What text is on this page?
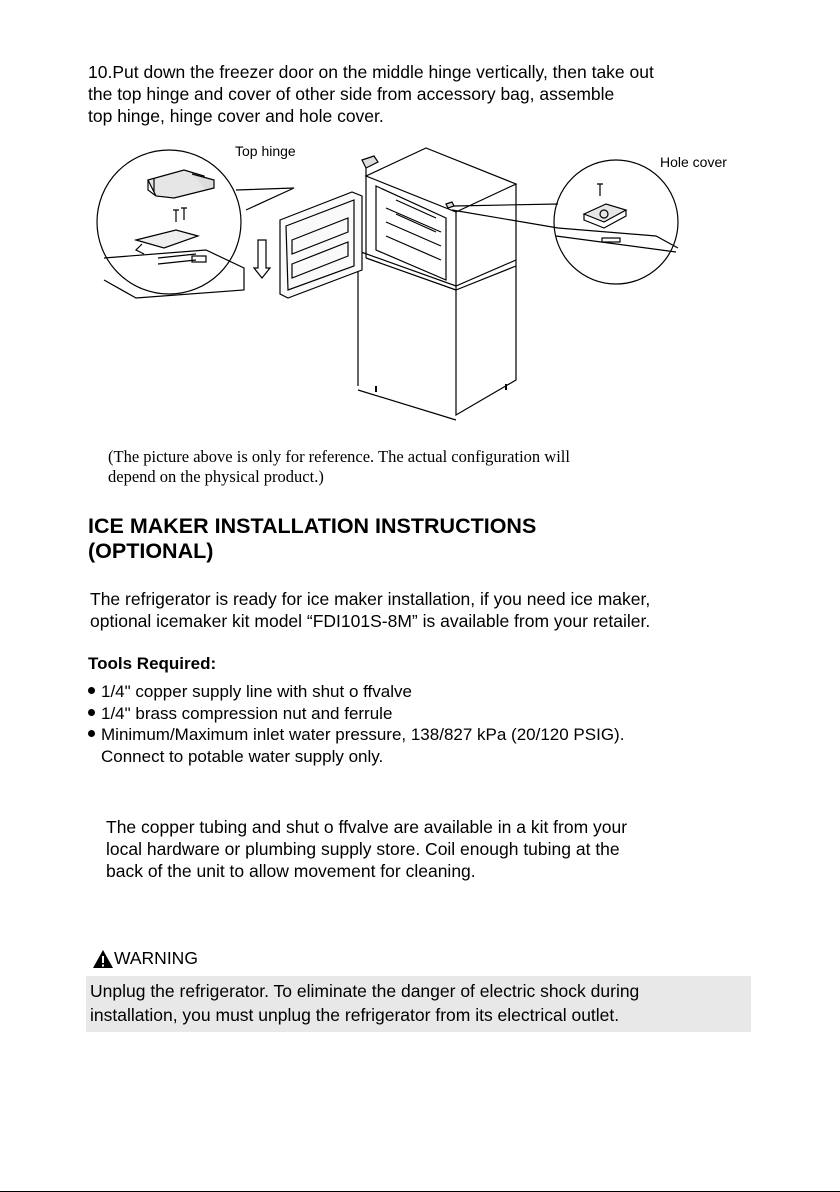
10.Put down the freezer door on the middle hinge vertically, then take out
the top hinge and cover of other side from accessory bag, assemble
top hinge, hinge cover and hole cover.
Top hinge
Hole cover
(The picture above is only for reference. The actual configuration will
depend on the physical product.)
ICE MAKER INSTALLATION INSTRUCTIONS
(OPTIONAL)
The refrigerator is ready for ice maker installation, if you need ice maker,
optional icemaker kit model “FDI101S-8M” is available from your retailer.
Tools Required:
1/4" copper supply line with shut o ffvalve
1/4" brass compression nut and ferrule
Minimum/Maximum inlet water pressure, 138/827 kPa (20/120 PSIG).
Connect to potable water supply only.
The copper tubing and shut o ffvalve are available in a kit from your
local hardware or plumbing supply store. Coil enough tubing at the
back of the unit to allow movement for cleaning.
WARNING
Unplug the refrigerator. To eliminate the danger of electric shock during
installation, you must unplug the refrigerator from its electrical outlet.
